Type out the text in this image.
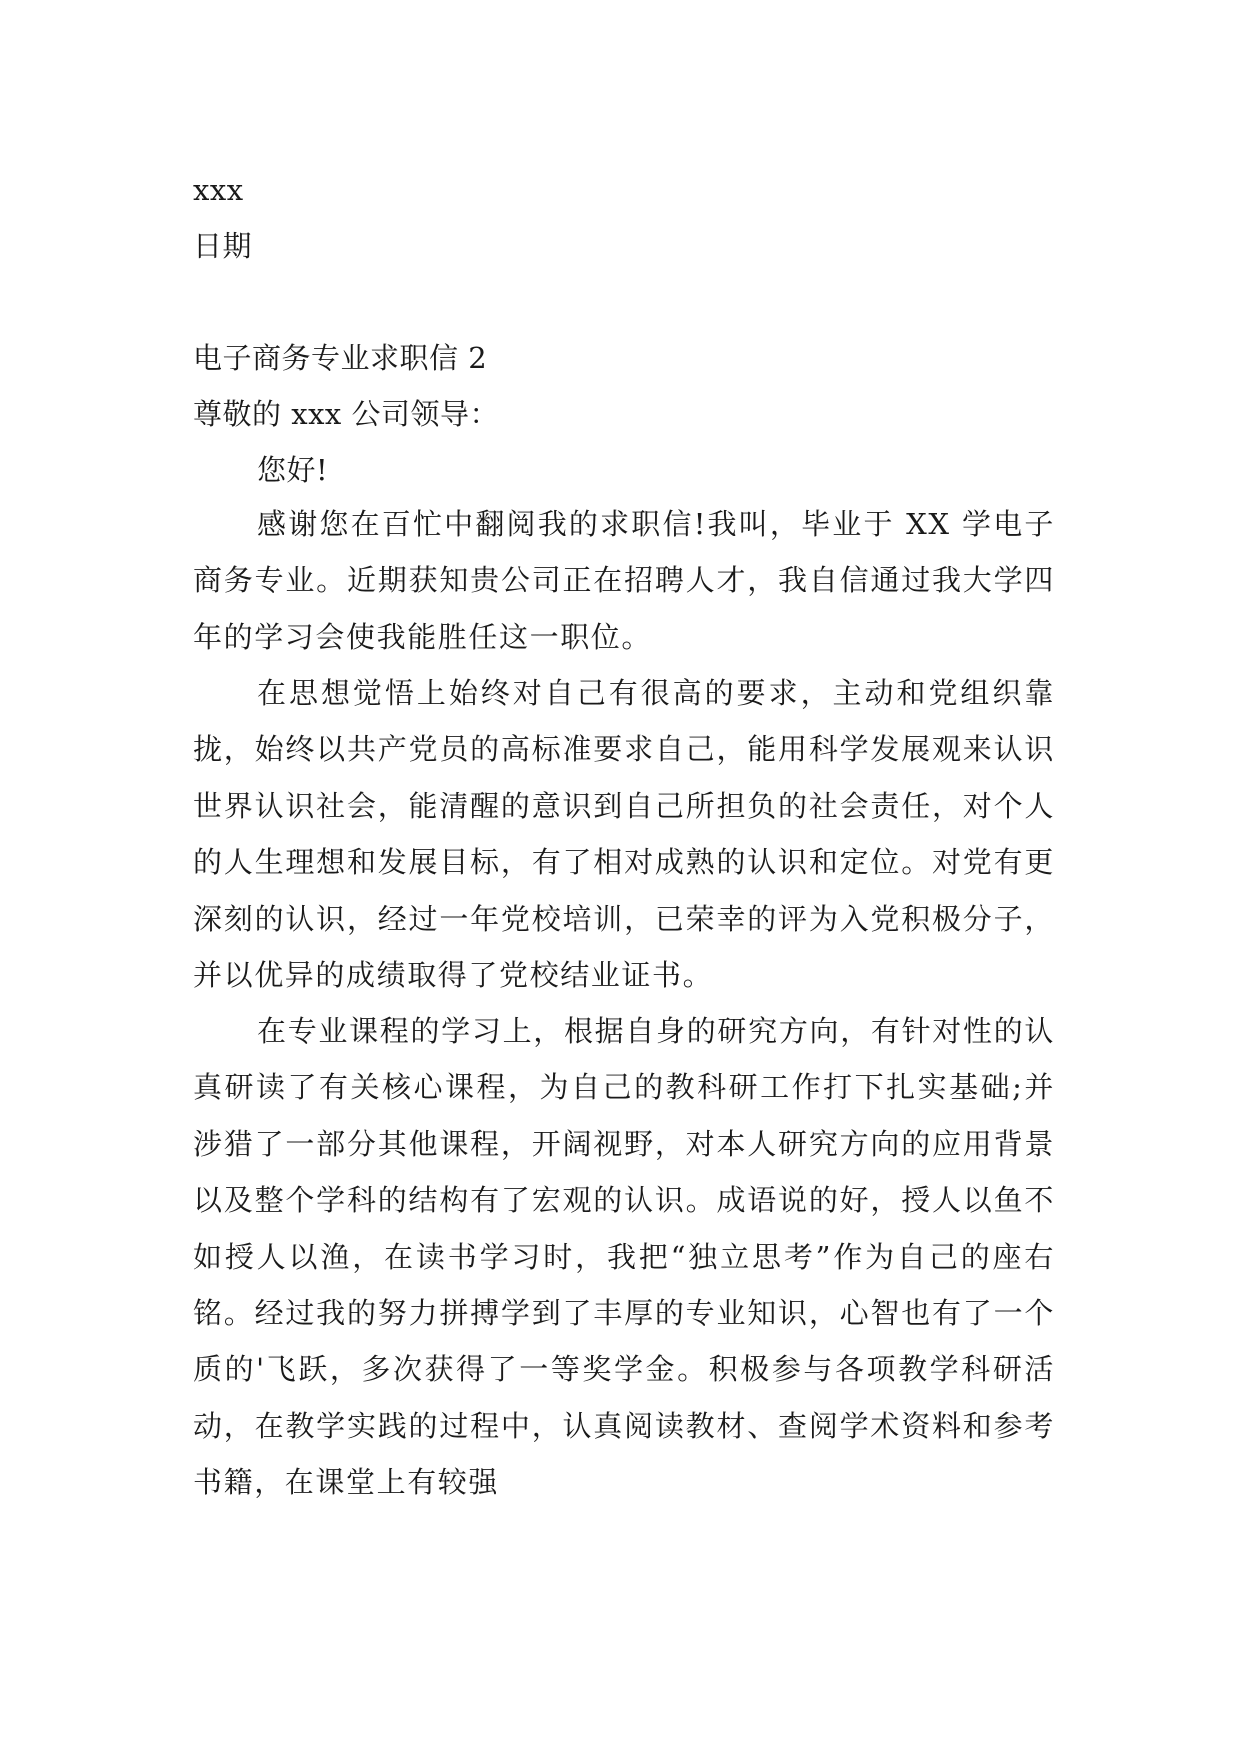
xxx
日期
电子商务专业求职信 2
尊敬的 xxx 公司领导：
您好!

感谢您在百忙中翻阅我的求职信!我叫，毕业于 XX 学电子商务专业。近期获知贵公司正在招聘人才，我自信通过我大学四年的学习会使我能胜任这一职位。

在思想觉悟上始终对自己有很高的要求，主动和党组织靠拢，始终以共产党员的高标准要求自己，能用科学发展观来认识世界认识社会，能清醒的意识到自己所担负的社会责任，对个人的人生理想和发展目标，有了相对成熟的认识和定位。对党有更深刻的认识，经过一年党校培训，已荣幸的评为入党积极分子，并以优异的成绩取得了党校结业证书。

在专业课程的学习上，根据自身的研究方向，有针对性的认真研读了有关核心课程，为自己的教科研工作打下扎实基础;并涉猎了一部分其他课程，开阔视野，对本人研究方向的应用背景以及整个学科的结构有了宏观的认识。成语说的好，授人以鱼不如授人以渔，在读书学习时，我把“独立思考”作为自己的座右铭。经过我的努力拼搏学到了丰厚的专业知识，心智也有了一个质的'飞跃，多次获得了一等奖学金。积极参与各项教学科研活动，在教学实践的过程中，认真阅读教材、查阅学术资料和参考书籍，在课堂上有较强
